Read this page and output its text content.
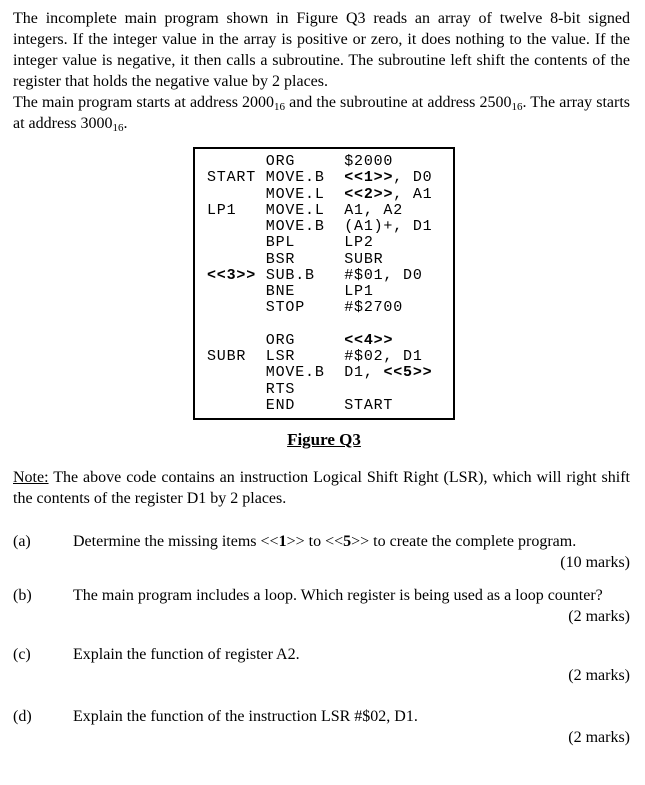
The incomplete main program shown in Figure Q3 reads an array of twelve 8-bit signed integers. If the integer value in the array is positive or zero, it does nothing to the value. If the integer value is negative, it then calls a subroutine. The subroutine left shift the contents of the register that holds the negative value by 2 places.

The main program starts at address $2000_{16}$ and the subroutine at address $2500_{16}$. The array starts at address $3000_{16}$.

ORG     $2000
START MOVE.B  <<1>>, D0
MOVE.L  <<2>>, A1
LP1   MOVE.L  A1, A2
MOVE.B  (A1)+, D1
BPL     LP2
BSR     SUBR
<<3>> SUB.B   #$01, D0
BNE     LP1
STOP    #$2700
ORG     <<4>>
SUBR  LSR     #$02, D1
MOVE.B  D1, <<5>>
RTS
END     START
Figure Q3

Note: The above code contains an instruction Logical Shift Right (LSR), which will right shift the contents of the register D1 by 2 places.

(a)	Determine the missing items <<1>> to <<5>> to create the complete program.
(10 marks)
(b)	The main program includes a loop. Which register is being used as a loop counter?
(2 marks)
(c)	Explain the function of register A2.
(2 marks)
(d)	Explain the function of the instruction LSR #$02, D1.
(2 marks)
